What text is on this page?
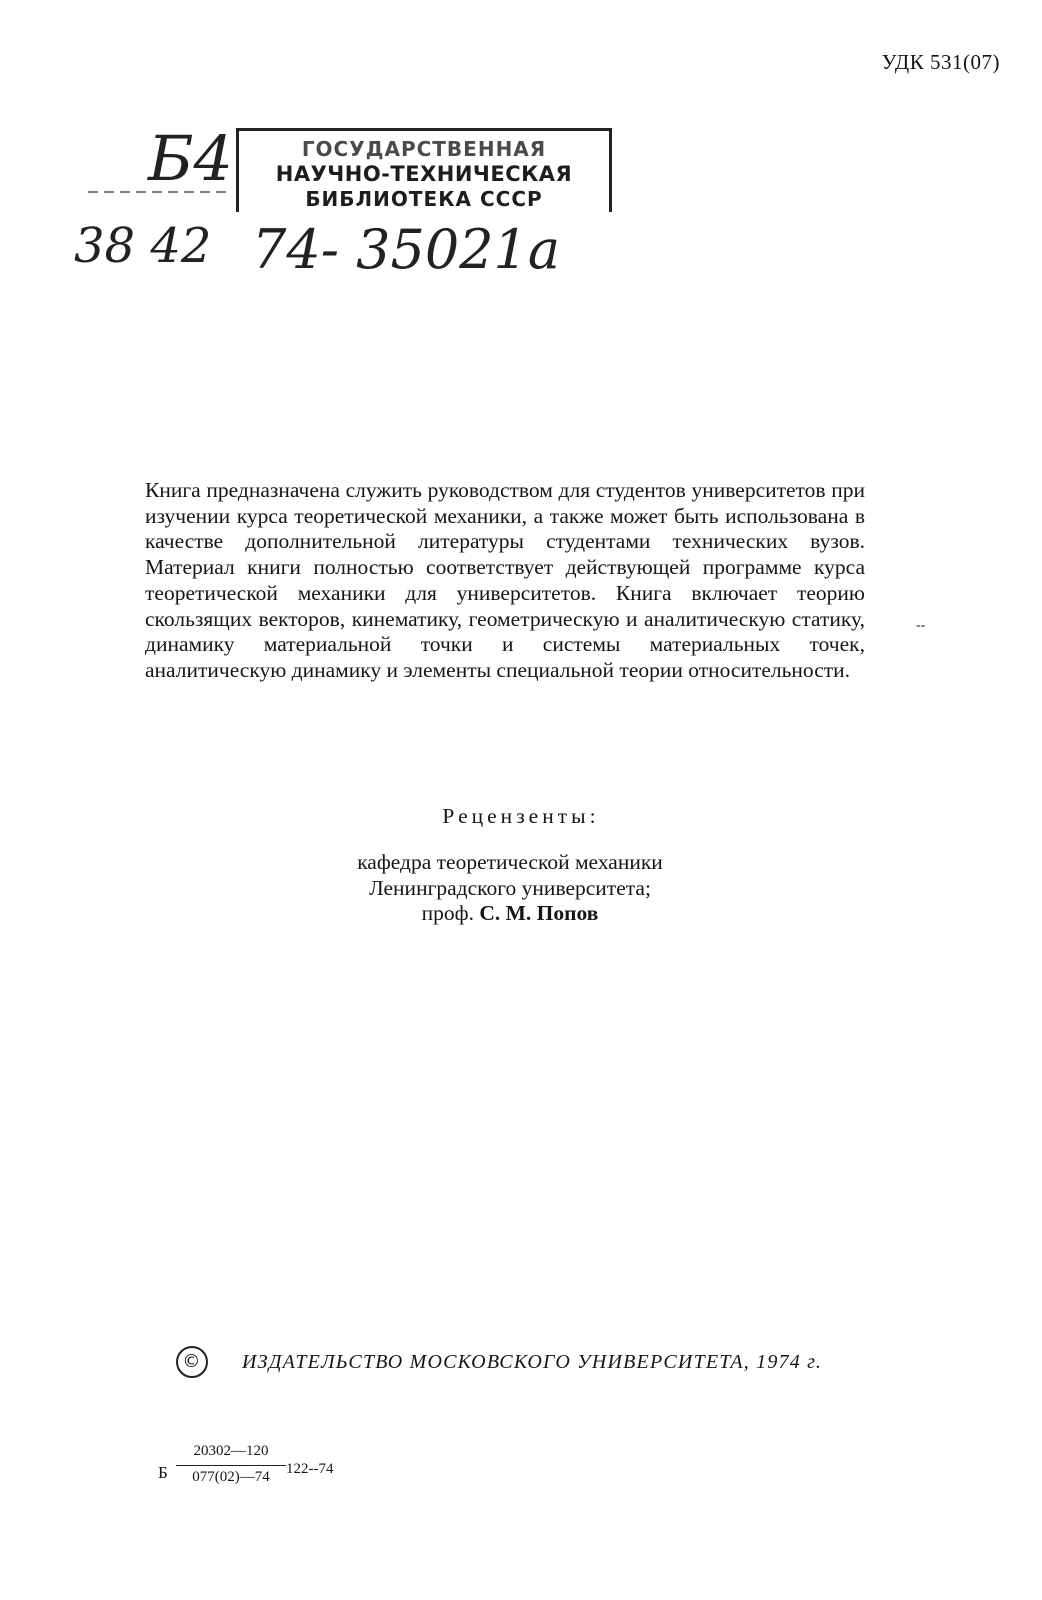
УДК 531(07)
Б4
38 42 74- 35021а
ГОСУДАРСТВЕННАЯ
НАУЧНО-ТЕХНИЧЕСКАЯ
БИБЛИОТЕКА СССР

Книга предназначена служить руководством для студентов университетов при изучении курса теоретической механики, а также может быть использована в качестве дополнительной литературы студентами технических вузов. Материал книги полностью соответствует действующей программе курса теоретической механики для университетов. Книга включает теорию скользящих векторов, кинематику, геометрическую и аналитическую статику, динамику материальной точки и системы материальных точек, аналитическую динамику и элементы специальной теории относительности.

--
Рецензенты:
кафедра теоретической механики
Ленинградского университета;
проф. С. М. Попов
©	ИЗДАТЕЛЬСТВО МОСКОВСКОГО УНИВЕРСИТЕТА, 1974 г.
Б
20302—120
077(02)—74	122--74
